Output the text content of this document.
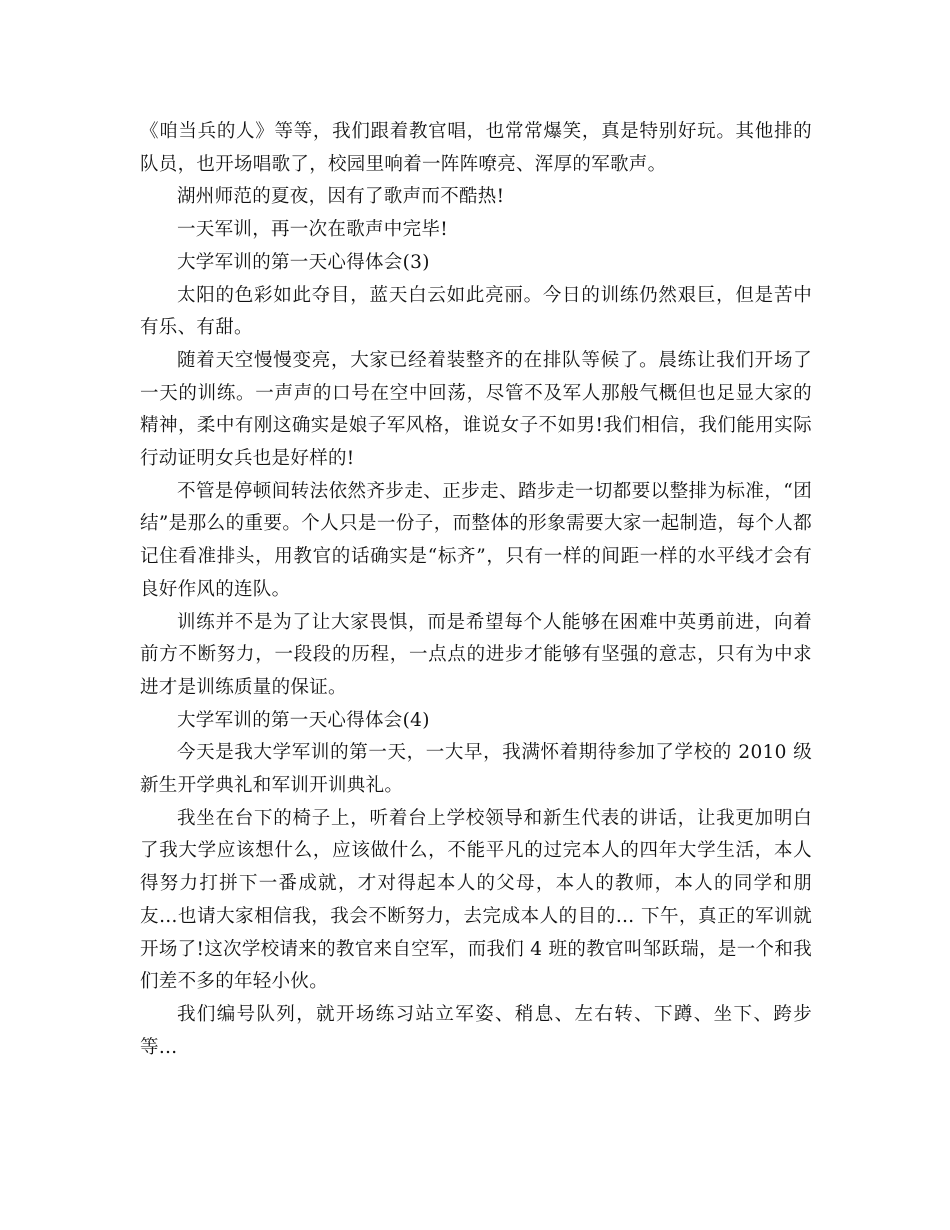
《咱当兵的人》等等，我们跟着教官唱，也常常爆笑，真是特别好玩。其他排的队员，也开场唱歌了，校园里响着一阵阵嘹亮、浑厚的军歌声。

湖州师范的夏夜，因有了歌声而不酷热!

一天军训，再一次在歌声中完毕!

大学军训的第一天心得体会(3)

太阳的色彩如此夺目，蓝天白云如此亮丽。今日的训练仍然艰巨，但是苦中有乐、有甜。

随着天空慢慢变亮，大家已经着装整齐的在排队等候了。晨练让我们开场了一天的训练。一声声的口号在空中回荡，尽管不及军人那般气概但也足显大家的精神，柔中有刚这确实是娘子军风格，谁说女子不如男!我们相信，我们能用实际行动证明女兵也是好样的!

不管是停顿间转法依然齐步走、正步走、踏步走一切都要以整排为标准，“团结”是那么的重要。个人只是一份子，而整体的形象需要大家一起制造，每个人都记住看准排头，用教官的话确实是“标齐”，只有一样的间距一样的水平线才会有良好作风的连队。

训练并不是为了让大家畏惧，而是希望每个人能够在困难中英勇前进，向着前方不断努力，一段段的历程，一点点的进步才能够有坚强的意志，只有为中求进才是训练质量的保证。

大学军训的第一天心得体会(4)

今天是我大学军训的第一天，一大早，我满怀着期待参加了学校的 2010 级新生开学典礼和军训开训典礼。

我坐在台下的椅子上，听着台上学校领导和新生代表的讲话，让我更加明白了我大学应该想什么，应该做什么，不能平凡的过完本人的四年大学生活，本人得努力打拼下一番成就，才对得起本人的父母，本人的教师，本人的同学和朋友…也请大家相信我，我会不断努力，去完成本人的目的… 下午，真正的军训就开场了!这次学校请来的教官来自空军，而我们 4 班的教官叫邹跃瑞，是一个和我们差不多的年轻小伙。

我们编号队列，就开场练习站立军姿、稍息、左右转、下蹲、坐下、跨步等…
